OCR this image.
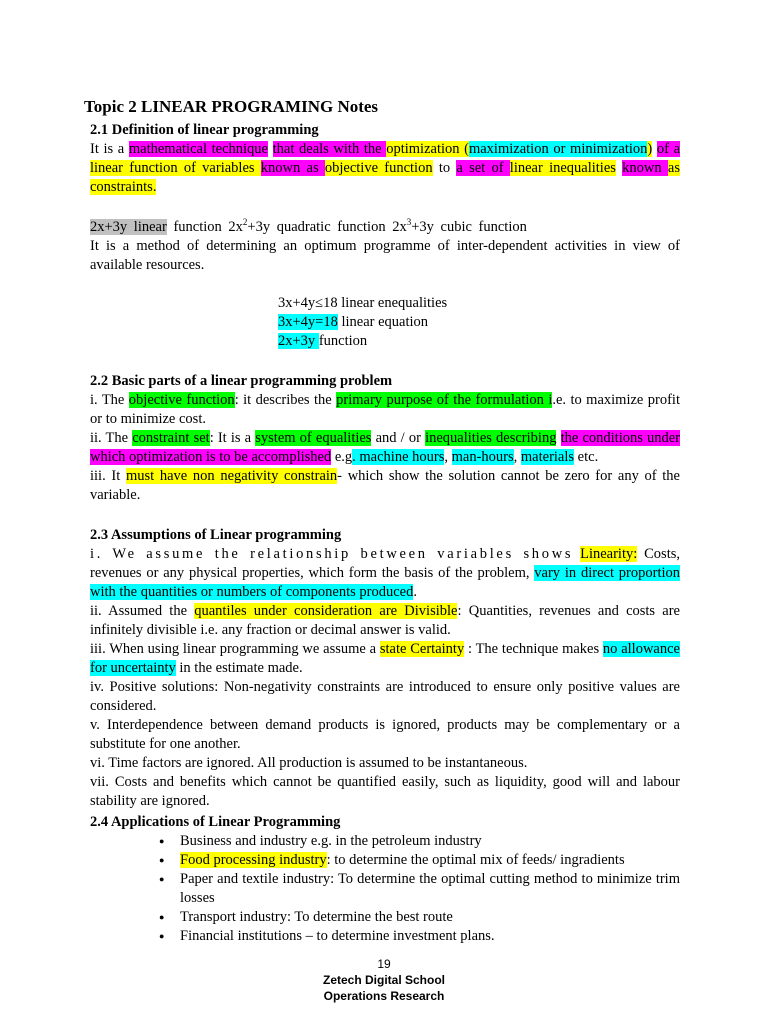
Topic 2 LINEAR PROGRAMING Notes
2.1 Definition of linear programming

It is a mathematical technique that deals with the optimization (maximization or minimization) of a linear function of variables known as objective function to a set of linear inequalities known as constraints.

2x+3y linear function $2x^2+3y$ quadratic function $2x^3+3y$ cubic function

It is a method of determining an optimum programme of inter-dependent activities in view of available resources.

3x+4y≤18 linear enequalities
3x+4y=18 linear equation
2x+3y function
2.2 Basic parts of a linear programming problem

i. The objective function: it describes the primary purpose of the formulation i.e. to maximize profit or to minimize cost.

ii. The constraint set: It is a system of equalities and / or inequalities describing the conditions under which optimization is to be accomplished e.g. machine hours, man-hours, materials etc.

iii. It must have non negativity constrain- which show the solution cannot be zero for any of the variable.

2.3 Assumptions of Linear programming

i. We assume the relationship between variables shows Linearity: Costs, revenues or any physical properties, which form the basis of the problem, vary in direct proportion with the quantities or numbers of components produced.

ii. Assumed the quantiles under consideration are Divisible: Quantities, revenues and costs are infinitely divisible i.e. any fraction or decimal answer is valid.

iii. When using linear programming we assume a state Certainty : The technique makes no allowance for uncertainty in the estimate made.

iv. Positive solutions: Non-negativity constraints are introduced to ensure only positive values are considered.

v. Interdependence between demand products is ignored, products may be complementary or a substitute for one another.

vi. Time factors are ignored. All production is assumed to be instantaneous.

vii. Costs and benefits which cannot be quantified easily, such as liquidity, good will and labour stability are ignored.

2.4 Applications of Linear Programming
● Business and industry e.g. in the petroleum industry
● Food processing industry: to determine the optimal mix of feeds/ ingradients
● Paper and textile industry: To determine the optimal cutting method to minimize trim losses
● Transport industry: To determine the best route
● Financial institutions – to determine investment plans.
19
Zetech Digital School
Operations Research
